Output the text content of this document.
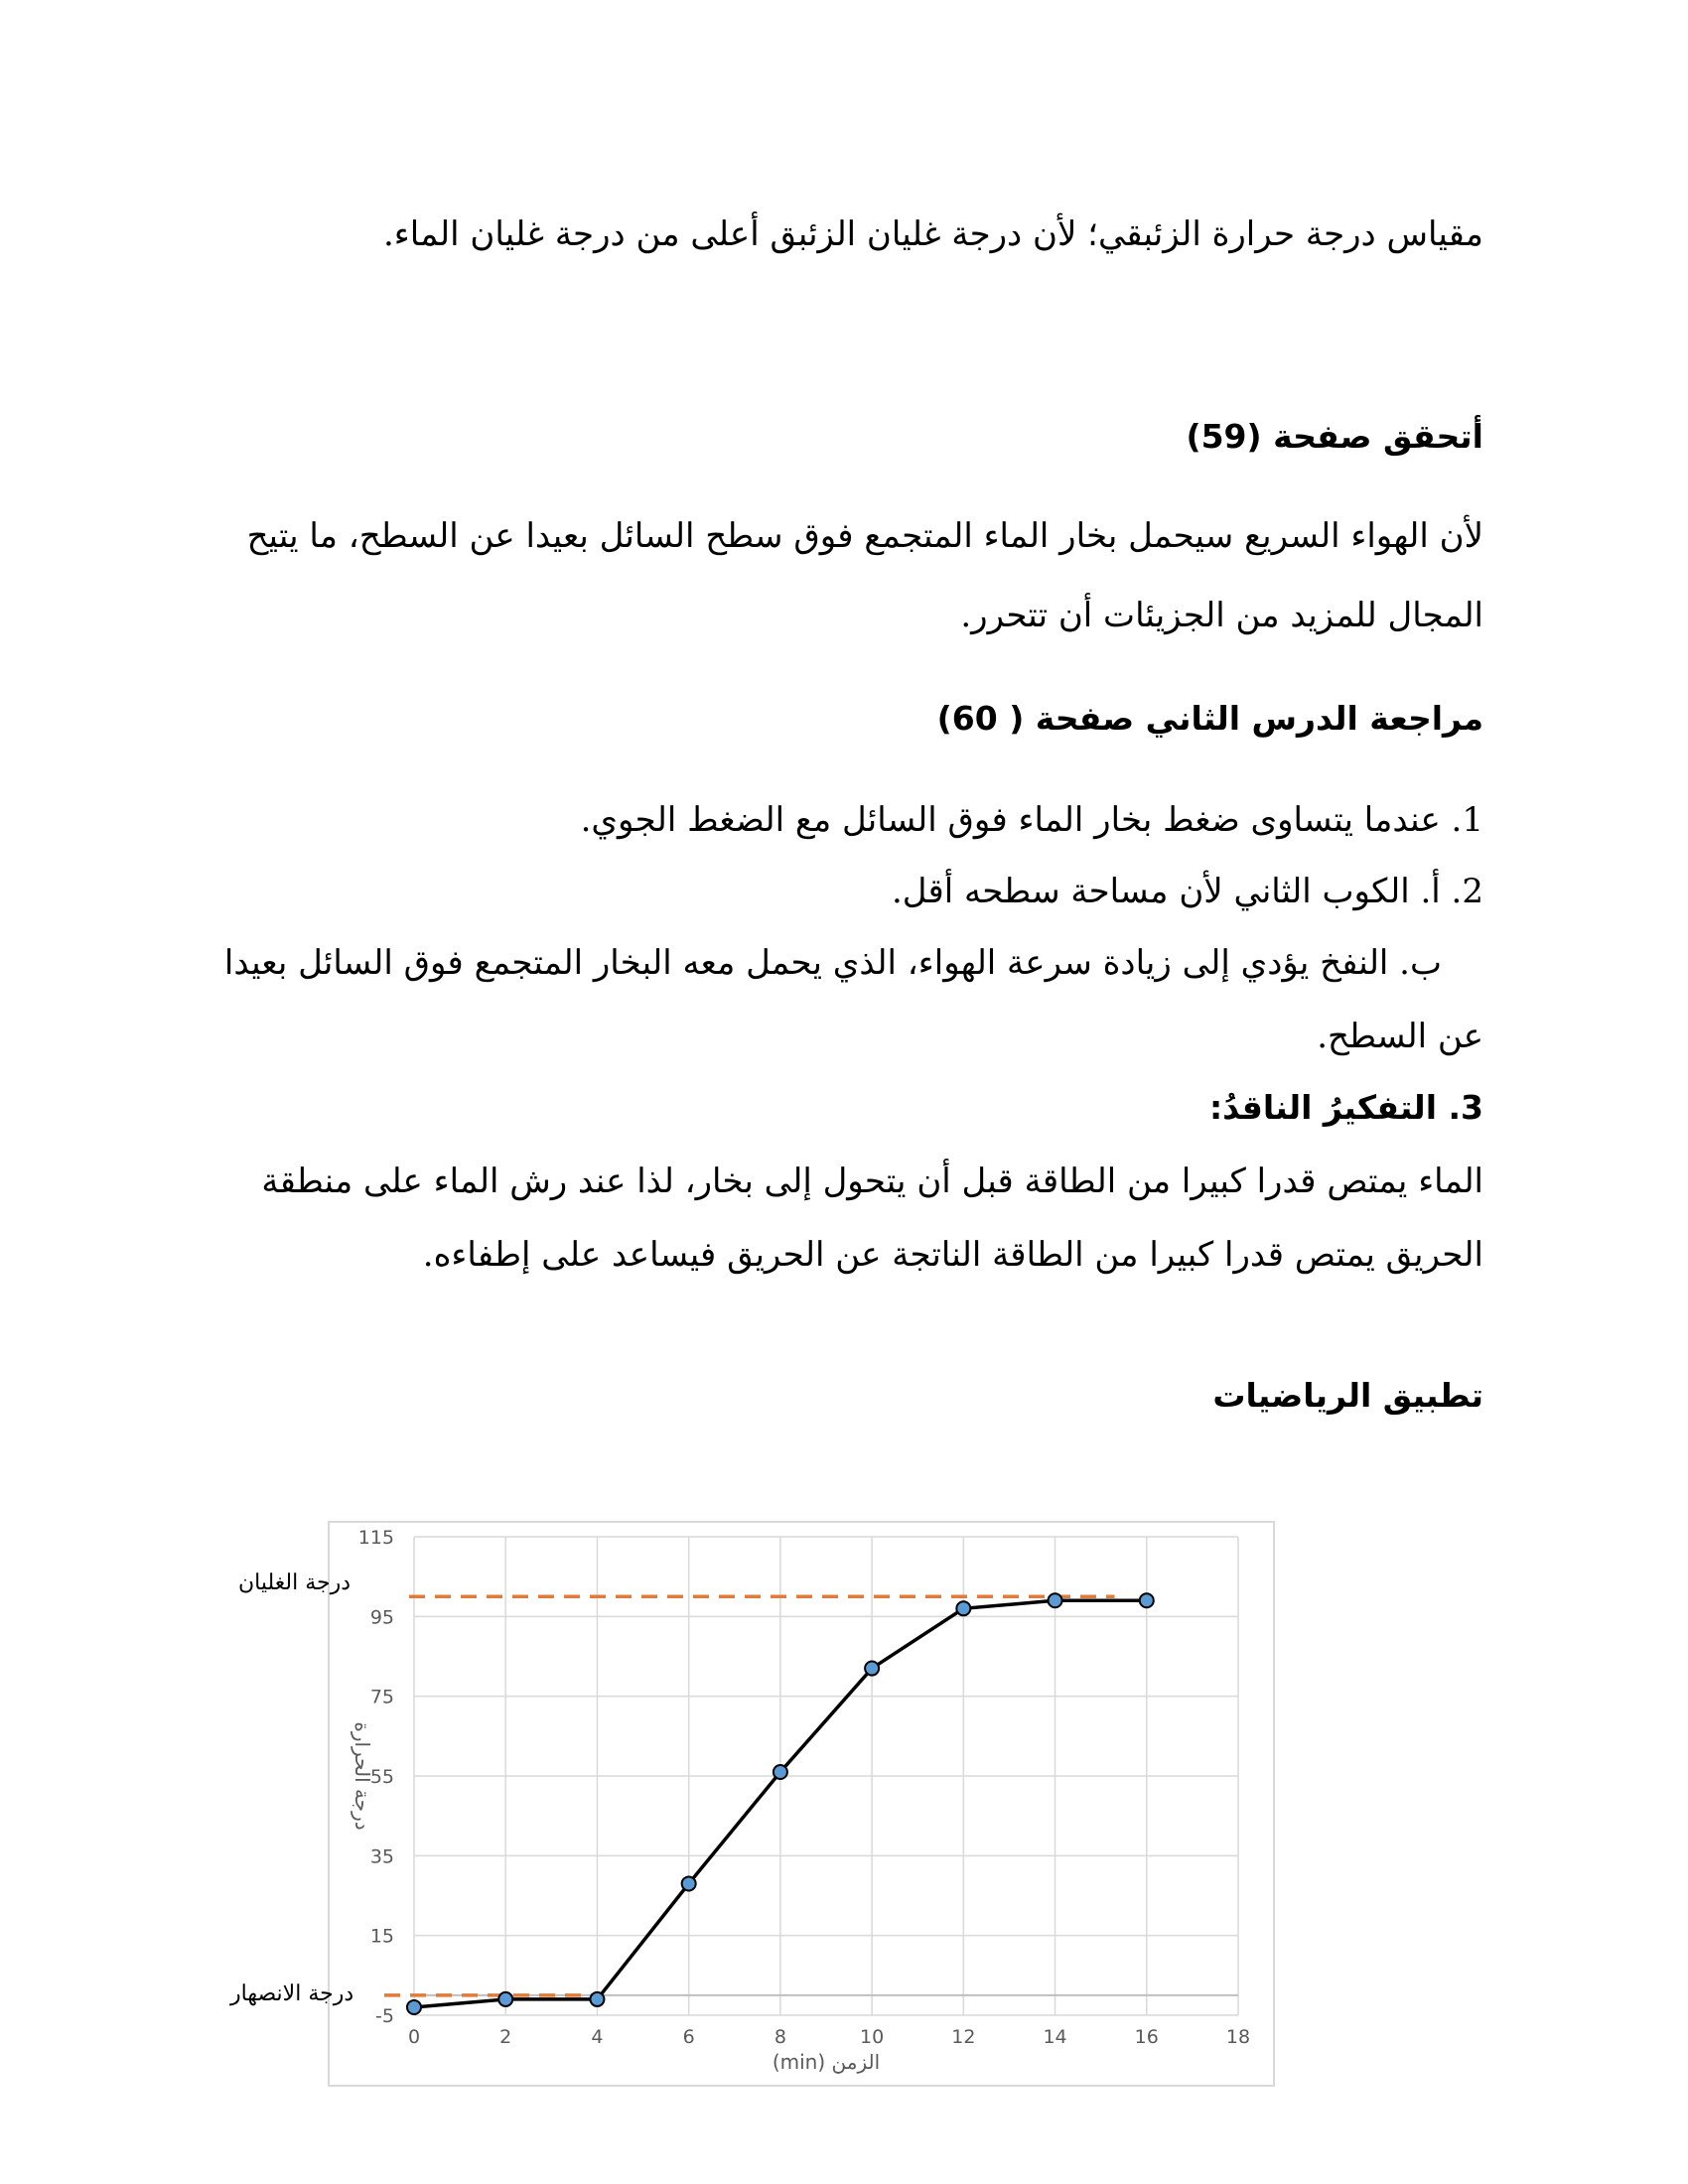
مقياس درجة حرارة الزئبقي؛ لأن درجة غليان الزئبق أعلى من درجة غليان الماء.
أتحقق صفحة (59)
لأن الهواء السريع سيحمل بخار الماء المتجمع فوق سطح السائل بعيدا عن السطح، ما يتيح
المجال للمزيد من الجزيئات أن تتحرر.
مراجعة الدرس الثاني صفحة ( 60)
1. عندما يتساوى ضغط بخار الماء فوق السائل مع الضغط الجوي.
2. أ. الكوب الثاني لأن مساحة سطحه أقل.
ب. النفخ يؤدي إلى زيادة سرعة الهواء، الذي يحمل معه البخار المتجمع فوق السائل بعيدا
عن السطح.
3. التفكيرُ الناقدُ:
الماء يمتص قدرا كبيرا من الطاقة قبل أن يتحول إلى بخار، لذا عند رش الماء على منطقة
الحريق يمتص قدرا كبيرا من الطاقة الناتجة عن الحريق فيساعد على إطفاءه.
تطبيق الرياضيات
-5
15
35
55
75
95
115
0	2	4	6	8	10	12	14	16	18
الزمن (min)
درجة الحرارة
درجة الغليان
درجة الانصهار
